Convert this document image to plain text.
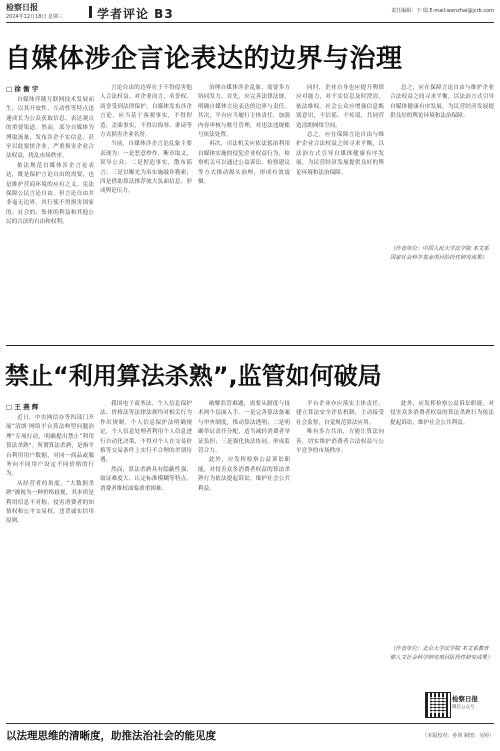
检察日报
2024年12月18日 星期三	学者评论 B3	责任编辑：卞 瑞 E-mail:wenzhai@jcrb.com
自媒体涉企言论表达的边界与治理
□ 徐 衡 宇

自媒体伴随互联网技术发展而生，以其开放性、互动性等特点迅速成长为公众获取信息、表达观点的重要渠道。然而，部分自媒体为博取流量，发布涉企不实信息，甚至以此要挟企业，严重损害企业合法权益，扰乱市场秩序。

依法规范自媒体涉企言论表达，既是保护言论自由的需要，也是维护营商环境的应有之义。宪法保障公民言论自由，但言论自由并非毫无边界，其行使不得损害国家的、社会的、集体的利益和其他公民的合法的自由和权利。

言论自由的边界在于不得侵害他人合法权益。对企业而言，名誉权、商誉受到法律保护。自媒体发布涉企言论，应当基于客观事实，不得捏造、歪曲事实，不得以侮辱、诽谤等方式损害企业名誉。

当前，自媒体涉企言论乱象主要表现为：一是恶意炒作，断章取义，误导公众；二是捏造事实，散布谣言；三是以曝光为名实施敲诈勒索；四是借助算法推荐放大负面信息，形成舆论压力。

治理自媒体涉企乱象，需要多方协同发力。首先，应完善法律法规，明确自媒体言论表达的边界与责任。其次，平台应当履行主体责任，加强内容审核与账号管理，对违法违规账号依法处置。

再次，司法机关应依法惩治利用自媒体实施的侵犯企业权益行为，检察机关可以通过公益诉讼、检察建议等方式推动源头治理，形成有效震慑。

同时，企业自身也应提升舆情应对能力，对不实信息及时澄清，依法维权。社会公众应增强信息甄别意识，不信谣、不传谣，共同营造清朗网络空间。

总之，应在保障言论自由与维护企业合法权益之间寻求平衡，以法治方式引导自媒体健康有序发展，为民营经济发展提供良好的舆论环境和法治保障。

总之，应在保障言论自由与维护企业合法权益之间寻求平衡，以法治方式引导自媒体健康有序发展，为民营经济发展提供良好的舆论环境和法治保障。

（作者单位：中国人民大学法学院 本文系 国家社会科学基金项目阶段性研究成果）
禁止“利用算法杀熟”,监管如何破局
□ 王 燕 辉

近日，中央网信办等四部门开展“清朗·网络平台算法典型问题治理”专项行动，明确提出禁止“利用算法杀熟”。所谓算法杀熟，是指平台利用用户数据，对同一商品或服务向不同用户设定不同价格的行为。

从经营者的角度，“大数据杀熟”被视为一种价格歧视，其本质是利用信息不对称，侵害消费者的知情权和公平交易权，违背诚实信用原则。

我国电子商务法、个人信息保护法、价格法等法律法规均对相关行为作出规制。个人信息保护法明确规定，个人信息处理者利用个人信息进行自动化决策，不得对个人在交易价格等交易条件上实行不合理的差别待遇。

然而，算法杀熟具有隐蔽性强、取证难度大、认定标准模糊等特点，消费者维权面临重重困难。

破解监管难题，需要从制度与技术两个层面入手。一是完善算法备案与审查制度，推动算法透明；二是明确举证责任分配，适当减轻消费者举证负担；三是强化执法协同，形成监管合力。

此外，应发挥检察公益诉讼职能，对侵害众多消费者权益的算法杀熟行为依法提起诉讼，维护社会公共利益。

平台企业亦应落实主体责任，建立算法安全评估机制，主动接受社会监督，自觉规范算法应用。

唯有多方共治，方能让算法向善，切实维护消费者合法权益与公平竞争的市场秩序。

此外，应发挥检察公益诉讼职能，对侵害众多消费者权益的算法杀熟行为依法提起诉讼，维护社会公共利益。

（作者单位：北京大学法学院 本文系教育部人文社会科学研究项目阶段性研究成果）
检察日报
微信公众号
以法理思维的清晰度，助推法治社会的能见度	（本版校对：孙剑 制图：吴婷）
